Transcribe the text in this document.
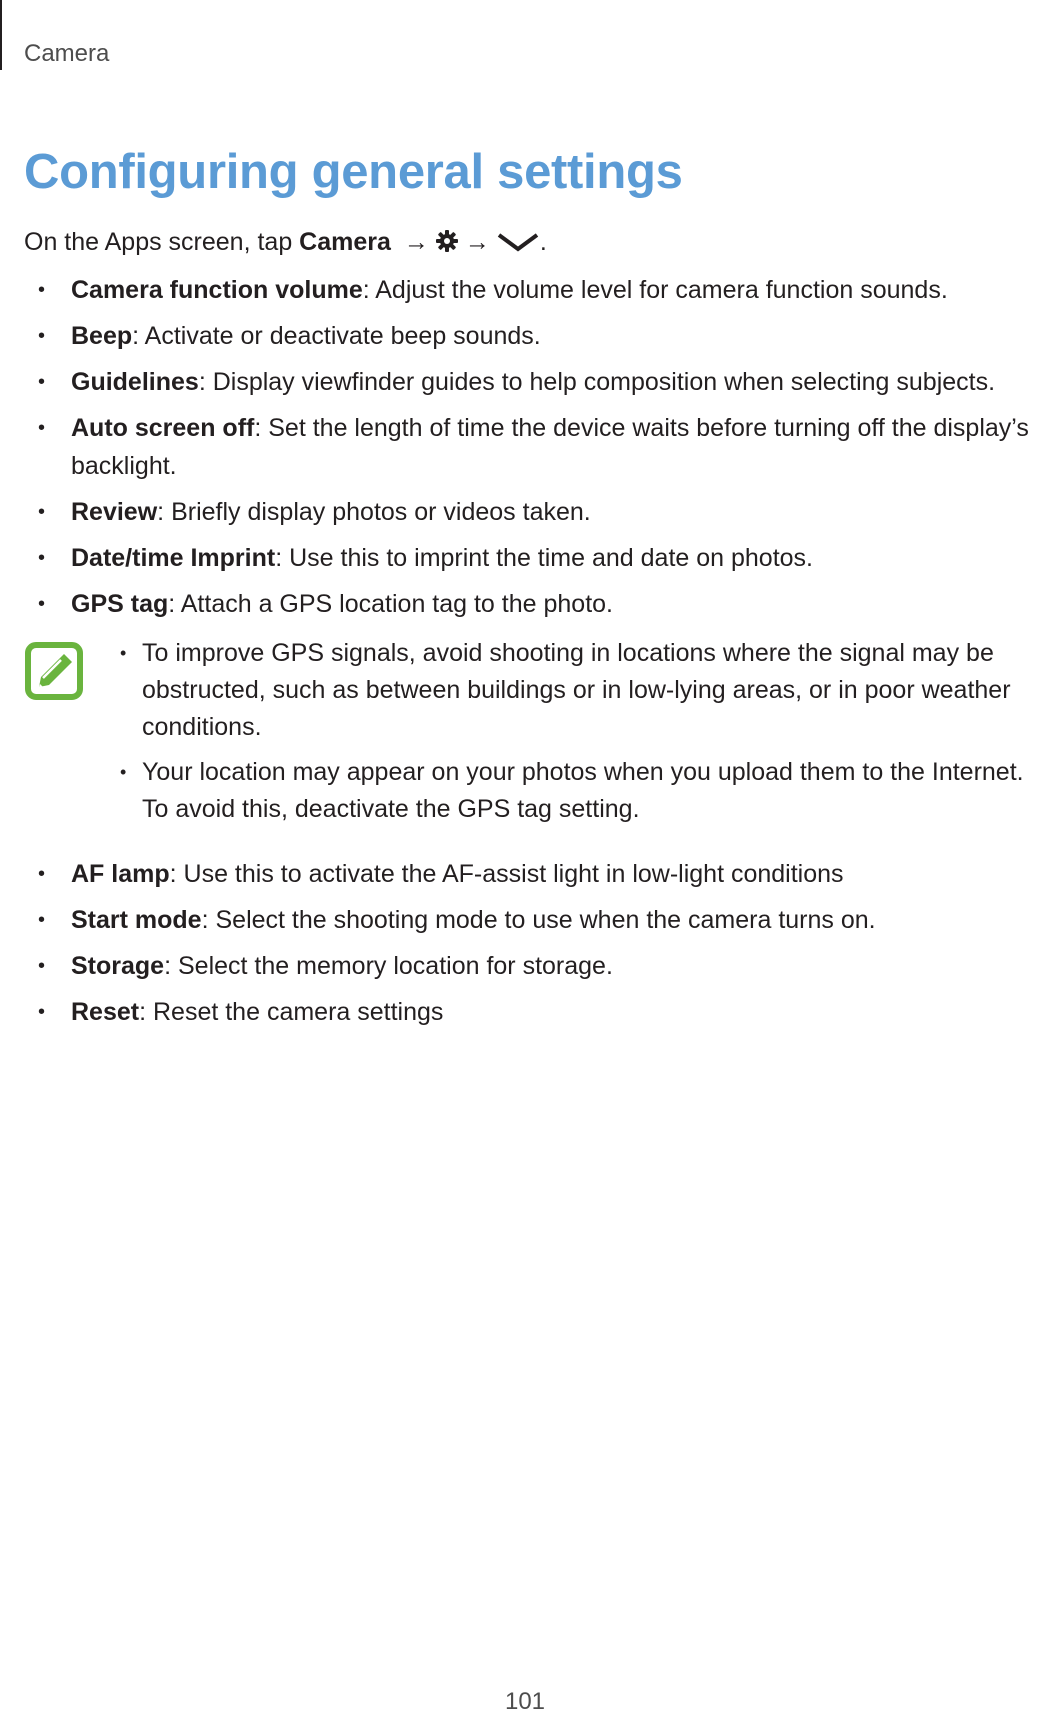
Camera
Configuring general settings
On the Apps screen, tap Camera → → .
• Camera function volume: Adjust the volume level for camera function sounds.
• Beep: Activate or deactivate beep sounds.
• Guidelines: Display viewfinder guides to help composition when selecting subjects.
• Auto screen off: Set the length of time the device waits before turning off the display’s backlight.
• Review: Briefly display photos or videos taken.
• Date/time Imprint: Use this to imprint the time and date on photos.
• GPS tag: Attach a GPS location tag to the photo.
• To improve GPS signals, avoid shooting in locations where the signal may be obstructed, such as between buildings or in low-lying areas, or in poor weather conditions.
• Your location may appear on your photos when you upload them to the Internet. To avoid this, deactivate the GPS tag setting.
• AF lamp: Use this to activate the AF-assist light in low-light conditions
• Start mode: Select the shooting mode to use when the camera turns on.
• Storage: Select the memory location for storage.
• Reset: Reset the camera settings
101
